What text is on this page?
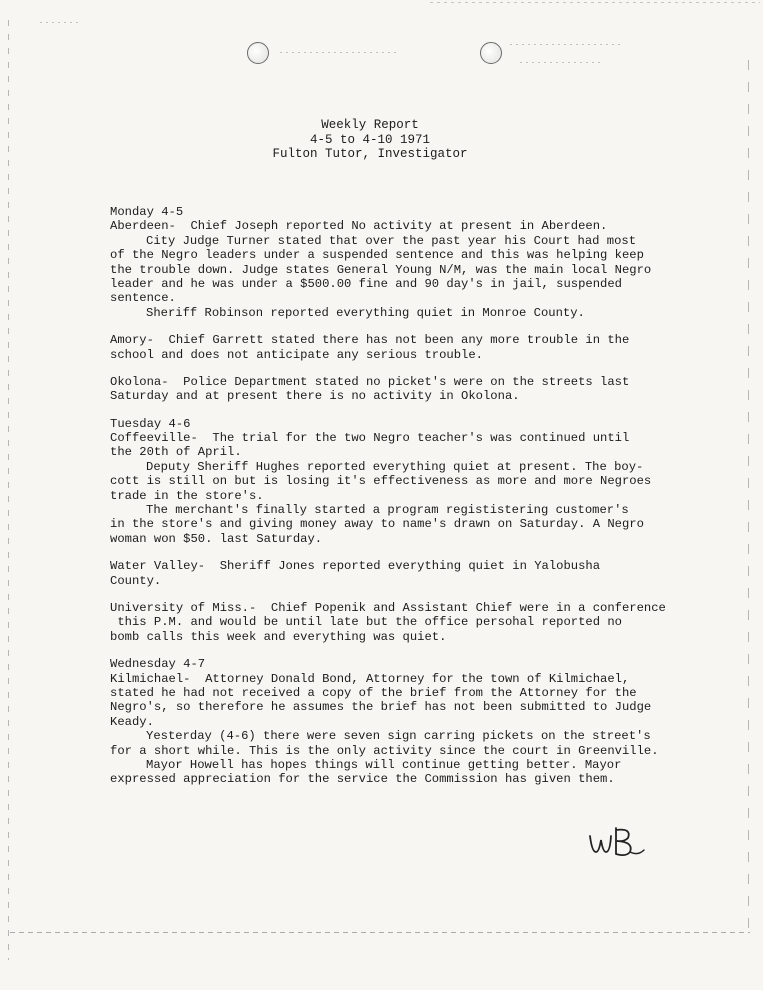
Weekly Report
4-5 to 4-10 1971
Fulton Tutor, Investigator
Monday 4-5
Aberdeen-  Chief Joseph reported No activity at present in Aberdeen.
City Judge Turner stated that over the past year his Court had most
of the Negro leaders under a suspended sentence and this was helping keep
the trouble down. Judge states General Young N/M, was the main local Negro
leader and he was under a $500.00 fine and 90 day's in jail, suspended
sentence.
Sheriff Robinson reported everything quiet in Monroe County.
Amory-  Chief Garrett stated there has not been any more trouble in the
school and does not anticipate any serious trouble.
Okolona-  Police Department stated no picket's were on the streets last
Saturday and at present there is no activity in Okolona.
Tuesday 4-6
Coffeeville-  The trial for the two Negro teacher's was continued until
the 20th of April.
Deputy Sheriff Hughes reported everything quiet at present. The boy-
cott is still on but is losing it's effectiveness as more and more Negroes
trade in the store's.
The merchant's finally started a program regististering customer's
in the store's and giving money away to name's drawn on Saturday. A Negro
woman won $50. last Saturday.
Water Valley-  Sheriff Jones reported everything quiet in Yalobusha
County.
University of Miss.-  Chief Popenik and Assistant Chief were in a conference
this P.M. and would be until late but the office persohal reported no
bomb calls this week and everything was quiet.
Wednesday 4-7
Kilmichael-  Attorney Donald Bond, Attorney for the town of Kilmichael,
stated he had not received a copy of the brief from the Attorney for the
Negro's, so therefore he assumes the brief has not been submitted to Judge
Keady.
Yesterday (4-6) there were seven sign carring pickets on the street's
for a short while. This is the only activity since the court in Greenville.
Mayor Howell has hopes things will continue getting better. Mayor
expressed appreciation for the service the Commission has given them.
